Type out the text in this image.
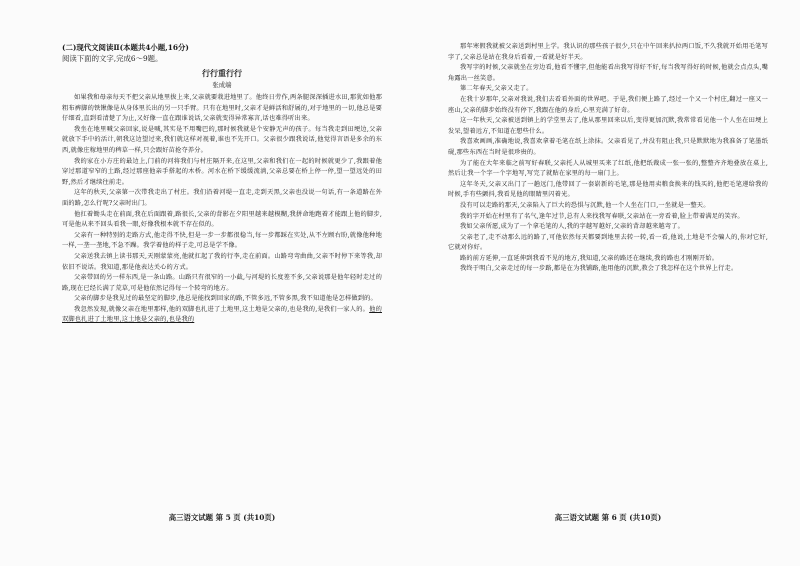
(二)现代文阅读Ⅱ(本题共4小题,16分)

阅读下面的文字,完成6～9题。

行行重行行

张成端

如果我和母亲每天不把父亲从地里拔上来,父亲就要栽进地里了。他终日劳作,两条腿深深插进水田,那犹如他那粗布裤脚的铁锹像是从身体里长出的另一只手臂。只有在地里时,父亲才是鲜活和舒展的,对于地里的一切,他总是要仔细看,直到看清楚了为止,又好像一直在跟谁说话,父亲就变得异常寡言,话也难得听出来。

我坐在地里喊父亲回家,说是喊,其实是不用嘴巴的,那时候我就是个安静无声的孩子。每当我走到田埂边,父亲就放下手中的活计,朝我这边望过来,我们就这样对视着,谁也不先开口。父亲很少跟我说话,他觉得言语是多余的东西,就像庄稼地里的稗草一样,只会跟好苗抢夺养分。

我的家在小方庄的最边上,门前的河将我们与村庄隔开来,在这里,父亲和我们在一起的时候就更少了,我跟着他穿过那道窄窄的土路,经过那座他亲手搭起的木桥。河水在桥下缓缓流淌,父亲总要在桥上停一停,望一望远处的田野,然后才继续往前走。

这年的秋天,父亲第一次带我走出了村庄。我们沿着河堤一直走,走到天黑,父亲也没说一句话,有一条道路在外面的路,怎么行呢?父亲时出门。

他扛着锄头走在前面,我在后面跟着,路很长,父亲的背影在夕阳里越来越模糊,我拼命地跑着才能跟上他的脚步,可是他从来不回头看我一眼,好像我根本就不存在似的。

父亲有一种特别的走路方式,他走得不快,但是一步一步都很稳当,每一步都踩在实处,从不左顾右盼,就像他种地一样,一垄一垄地,不急不躁。我学着他的样子走,可总是学不像。

父亲送我去镇上读书那天,天刚蒙蒙亮,他就扛起了我的行李,走在前面。山路弯弯曲曲,父亲不时停下来等我,却依旧不说话。我知道,那是他表达关心的方式。

父亲带回的另一样东西,是一条山路。山路只有很窄的一小截,与河堤的长度差不多,父亲说那是他年轻时走过的路,现在已经长满了荒草,可是他依然记得每一个转弯的地方。

父亲的脚步是我见过的最坚定的脚步,他总是能找到回家的路,不管多远,不管多黑,我不知道他是怎样做到的。

我忽然发现,就像父亲在地里那样,他的双脚也扎进了土地里,这土地是父亲的,也是我的,是我们一家人的。他的双脚也扎进了土地里,这土地是父亲的,也是我的

高三语文试题 第 5 页 (共10页)

那年寒假我就被父亲送到村里上学。我认识的那些孩子很少,只在中午回来扒拉两口饭,不久我就开始用毛笔写字了,父亲总是站在我身后看着,一看就是好半天。

我写字的时候,父亲就坐在旁边看,他看不懂字,但他能看出我写得好不好,每当我写得好的时候,他就会点点头,嘴角露出一丝笑意。

第二年春天,父亲又走了。

在我十岁那年,父亲对我说,我们去看看外面的世界吧。于是,我们便上路了,经过一个又一个村庄,翻过一座又一座山,父亲的脚步始终没有停下,我跟在他的身后,心里充满了好奇。

这一年秋天,父亲被送到镇上的学堂里去了,他从那里回来以后,变得更加沉默,我常常看见他一个人坐在田埂上发呆,望着远方,不知道在想些什么。

我喜欢画画,准确地说,我喜欢拿着毛笔在纸上涂抹。父亲看见了,并没有阻止我,只是默默地为我准备了笔墨纸砚,那些东西在当时是很珍贵的。

为了能在大年来临之前写好春联,父亲托人从城里买来了红纸,他把纸裁成一张一张的,整整齐齐地叠放在桌上,然后让我一个字一个字地写,写完了就贴在家里的每一扇门上。

这年冬天,父亲又出门了一趟远门,他带回了一套崭新的毛笔,那是他用卖粮食换来的钱买的,他把毛笔递给我的时候,手有些颤抖,我看见他的眼睛里闪着光。

没有可以走路的那天,父亲陷入了巨大的恐惧与沉默,他一个人坐在门口,一坐就是一整天。

我的字开始在村里有了名气,逢年过节,总有人来找我写春联,父亲站在一旁看着,脸上带着满足的笑容。

我如父亲所愿,成为了一个拿毛笔的人,我的字越写越好,父亲的背却越来越弯了。

父亲老了,走不动那么远的路了,可他依然每天都要到地里去转一转,看一看,他说,土地是不会骗人的,你对它好,它就对你好。

路的前方延伸,一直延伸到我看不见的地方,我知道,父亲的路还在继续,我的路也才刚刚开始。

我终于明白,父亲走过的每一步路,都是在为我铺路,他用他的沉默,教会了我怎样在这个世界上行走。

高三语文试题 第 6 页 (共10页)
